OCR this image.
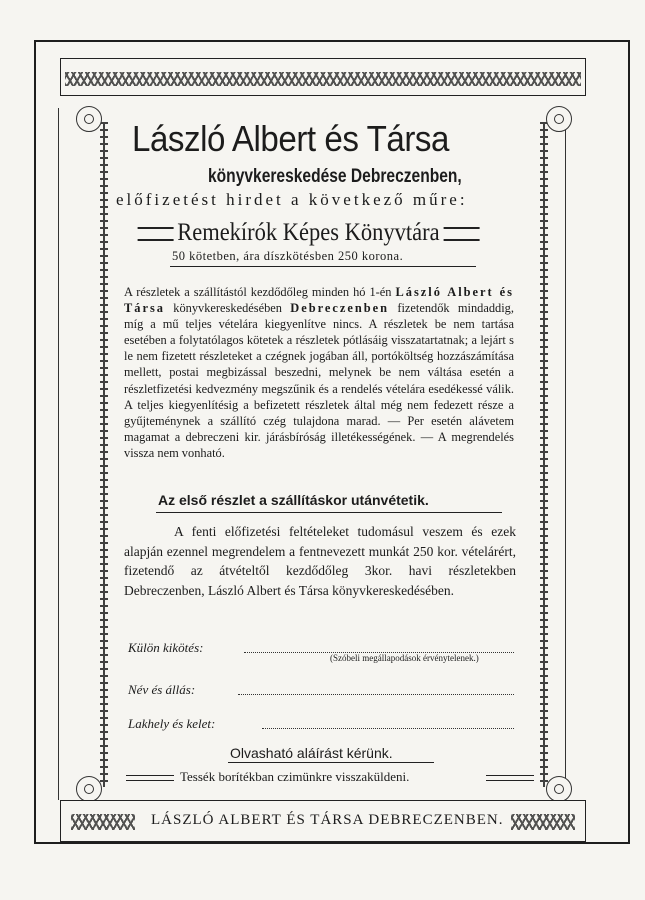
László Albert és Társa
könyvkereskedése Debreczenben,
előfizetést hirdet a következő műre:
Remekírók Képes Könyvtára
50 kötetben, ára díszkötésben 250 korona.

A részletek a szállítástól kezdődőleg minden hó 1-én László Albert és Társa könyvkereskedésében Debreczenben fizetendők mindaddig, míg a mű teljes vételára kiegyenlítve nincs. A részletek be nem tartása esetében a folytatólagos kötetek a részletek pótlásáig visszatartatnak; a lejárt s le nem fizetett részleteket a czégnek jogában áll, portóköltség hozzászámítása mellett, postai megbizással beszedni, melynek be nem váltása esetén a részletfizetési kedvezmény megszűnik és a rendelés vételára esedékessé válik. A teljes kiegyenlítésig a befizetett részletek által még nem fedezett része a gyűjteménynek a szállító czég tulajdona marad. — Per esetén alávetem magamat a debreczeni kir. járásbíróság illetékességének. — A megrendelés vissza nem vonható.

Az első részlet a szállításkor utánvétetik.
A fenti előfizetési feltételeket tudomásul veszem és ezek alapján ezennel megrendelem a fentnevezett munkát 250 kor. vételárért, fizetendő az átvételtől kezdődőleg 3kor. havi részletekben Debreczenben, László Albert és Társa könyvkereskedésében.
Külön kikötés:
(Szóbeli megállapodások érvénytelenek.)
Név és állás:
Lakhely és kelet:
Olvasható aláírást kérünk.
Tessék borítékban czimünkre visszaküldeni.
LÁSZLÓ ALBERT ÉS TÁRSA DEBRECZENBEN.
